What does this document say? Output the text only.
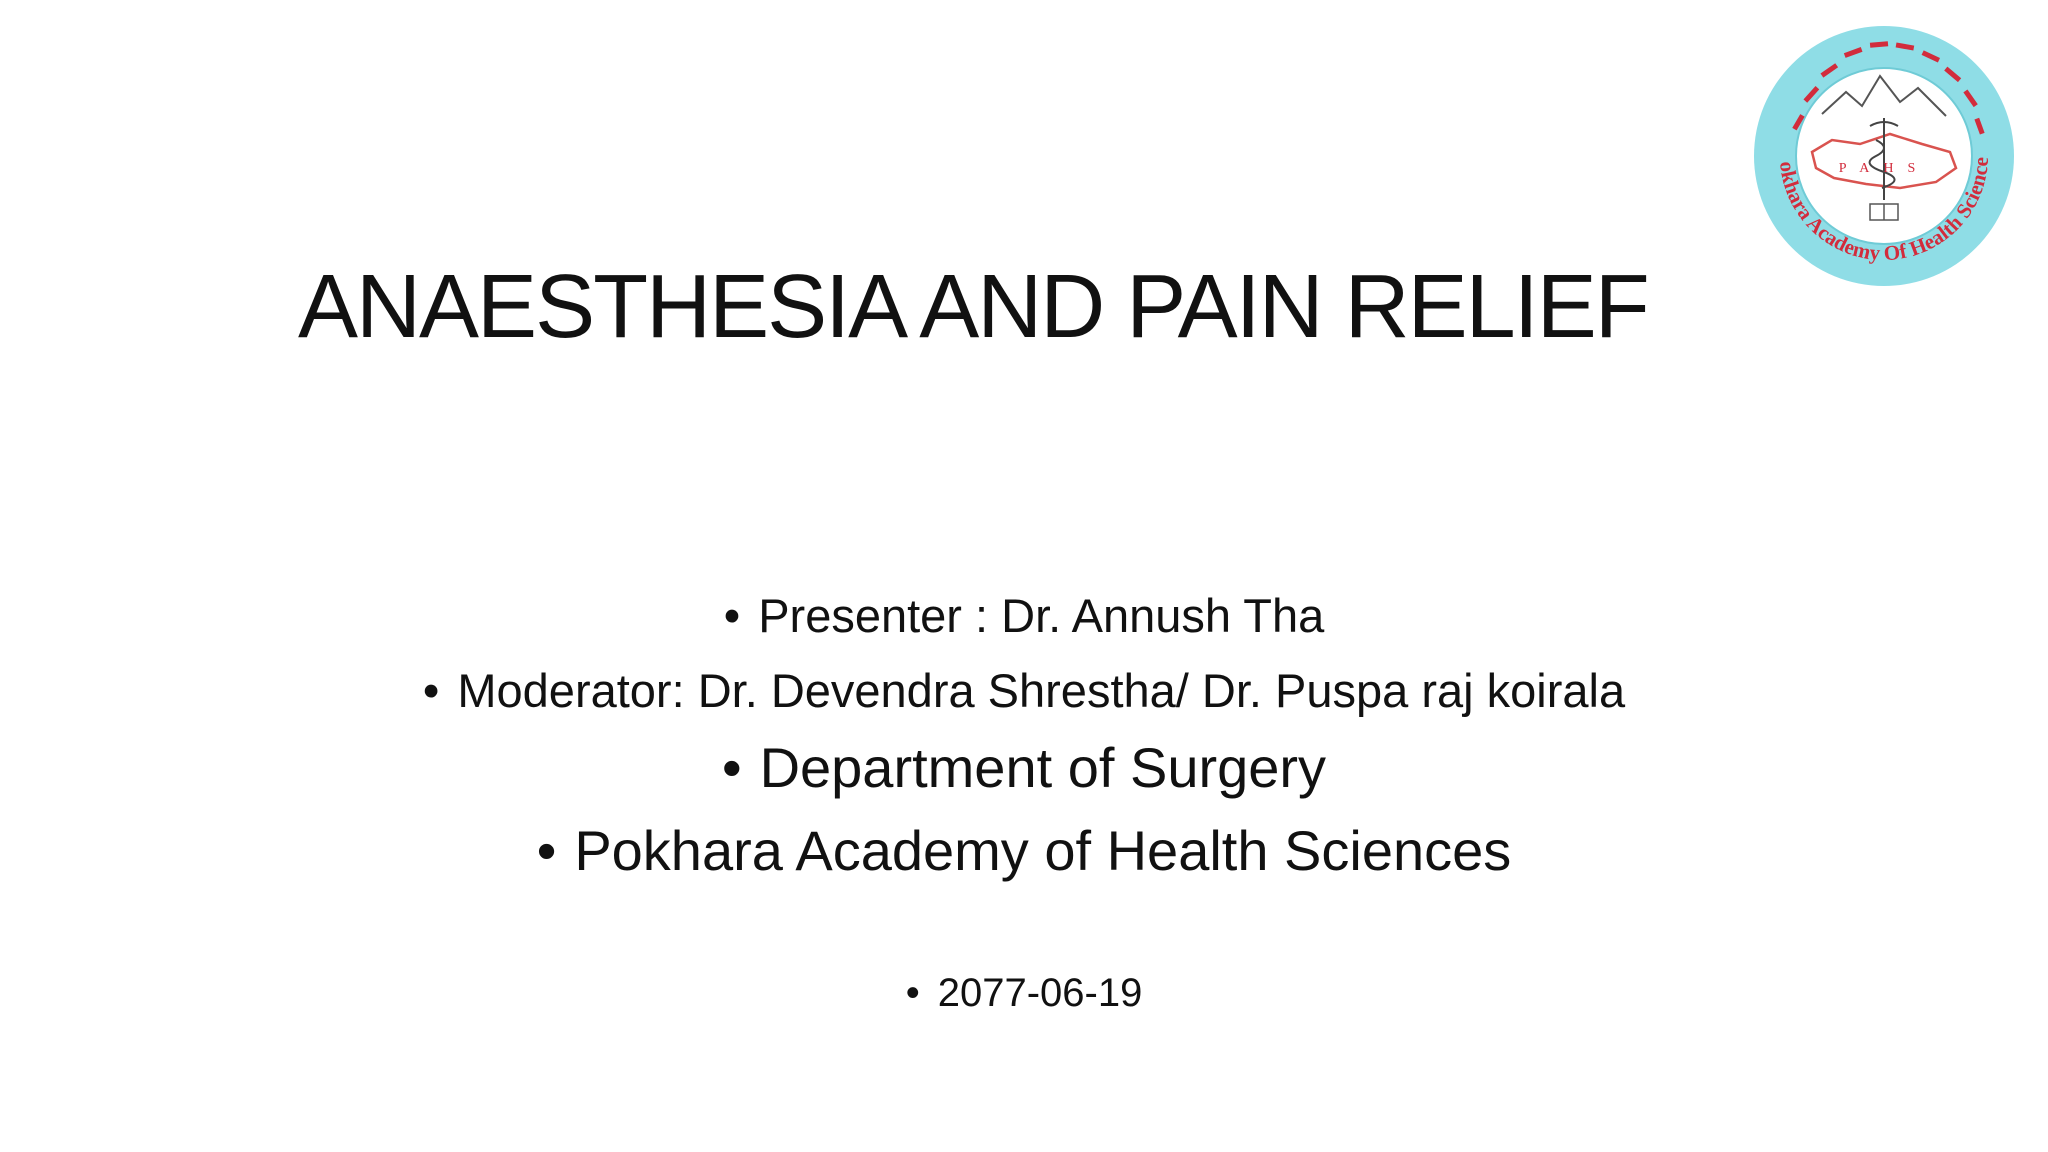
ANAESTHESIA AND PAIN RELIEF
• Presenter : Dr. Annush Tha
• Moderator: Dr. Devendra Shrestha/ Dr. Puspa raj koirala
• Department of Surgery
• Pokhara Academy of Health Sciences
• 2077-06-19
okhara Academy Of Health Science
PAHS
